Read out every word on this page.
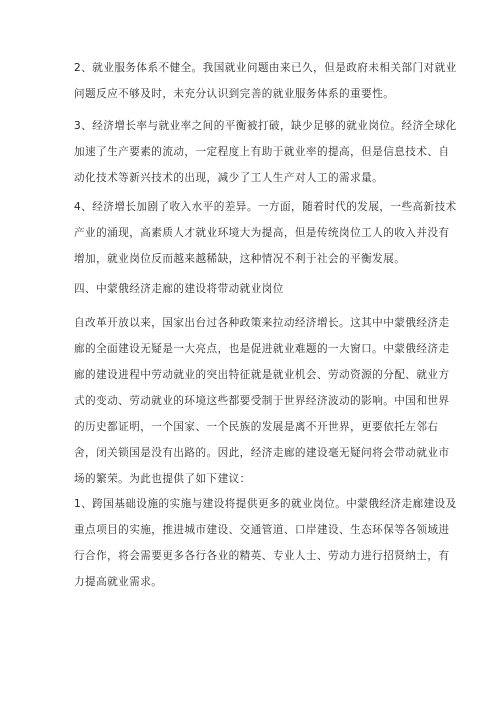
2、就业服务体系不健全。我国就业问题由来已久，但是政府未相关部门对就业
问题反应不够及时，未充分认识到完善的就业服务体系的重要性。
3、经济增长率与就业率之间的平衡被打破，缺少足够的就业岗位。经济全球化
加速了生产要素的流动，一定程度上有助于就业率的提高，但是信息技术、自
动化技术等新兴技术的出现，减少了工人生产对人工的需求量。
4、经济增长加剧了收入水平的差异。一方面，随着时代的发展，一些高新技术
产业的涌现，高素质人才就业环境大为提高，但是传统岗位工人的收入并没有
增加，就业岗位反而越来越稀缺，这种情况不利于社会的平衡发展。
四、中蒙俄经济走廊的建设将带动就业岗位
自改革开放以来，国家出台过各种政策来拉动经济增长。这其中中蒙俄经济走
廊的全面建设无疑是一大亮点，也是促进就业难题的一大窗口。中蒙俄经济走
廊的建设进程中劳动就业的突出特征就是就业机会、劳动资源的分配、就业方
式的变动、劳动就业的环境这些都要受制于世界经济波动的影响。中国和世界
的历史都证明，一个国家、一个民族的发展是离不开世界，更要依托左邻右
舍，闭关锁国是没有出路的。因此，经济走廊的建设毫无疑问将会带动就业市
场的繁荣。为此也提供了如下建议：
1、跨国基础设施的实施与建设将提供更多的就业岗位。中蒙俄经济走廊建设及
重点项目的实施，推进城市建设、交通管道、口岸建设、生态环保等各领域进
行合作，将会需要更多各行各业的精英、专业人士、劳动力进行招贤纳士，有
力提高就业需求。
